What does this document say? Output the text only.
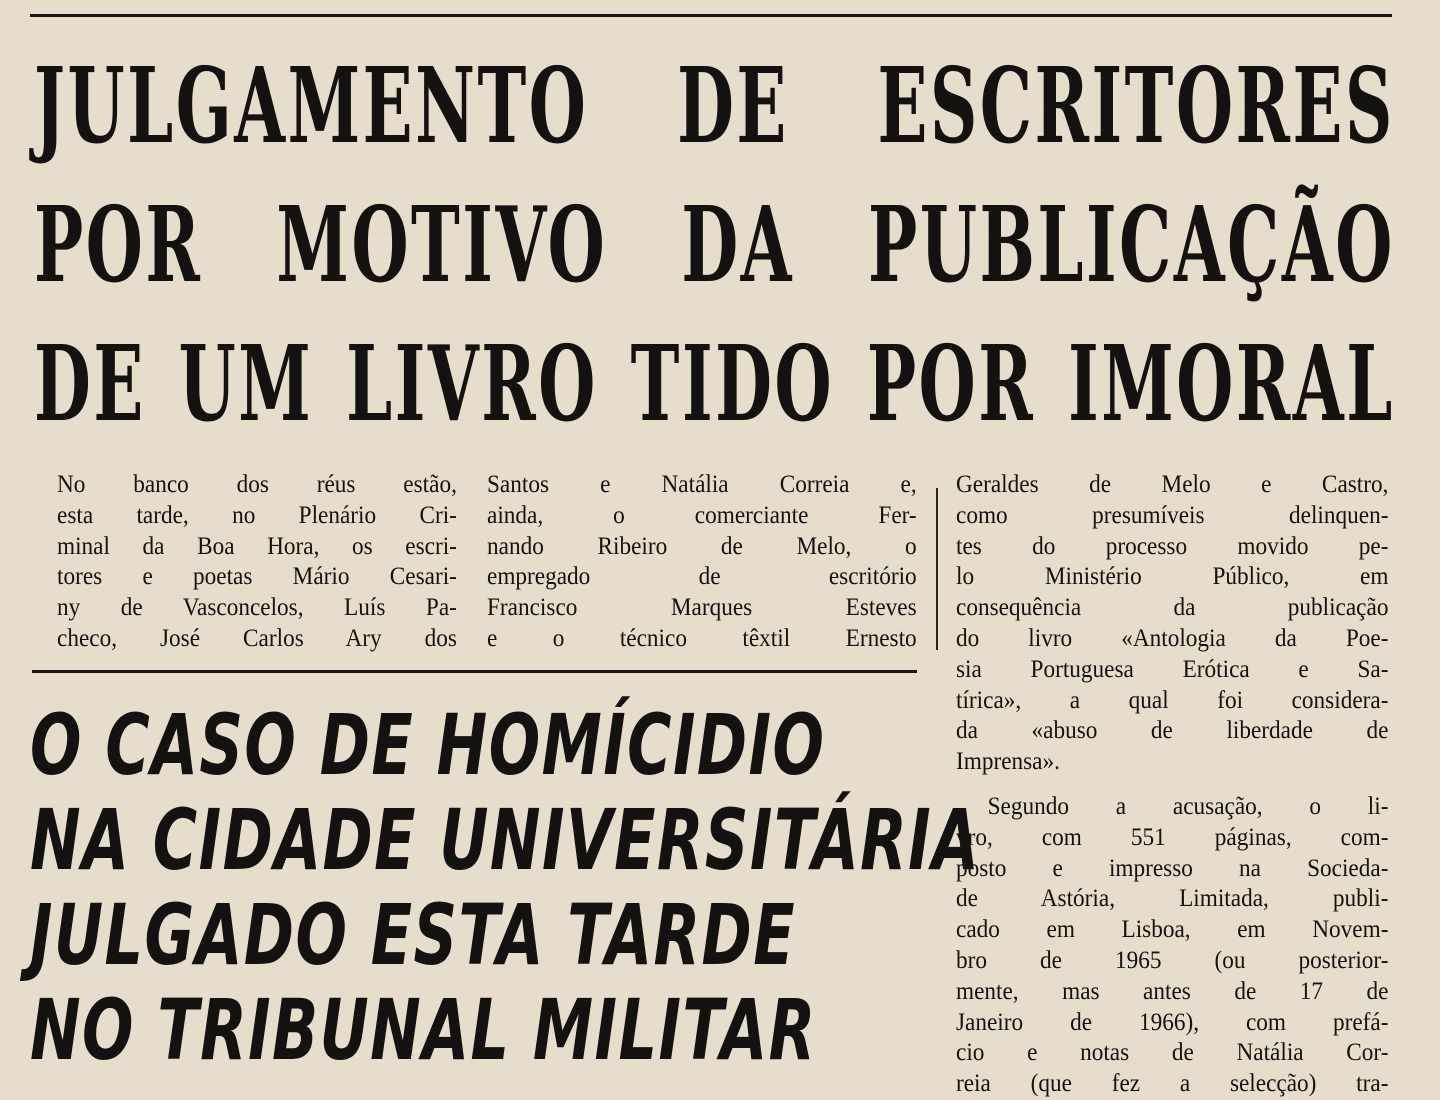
JULGAMENTO DE ESCRITORES
POR MOTIVO DA PUBLICAÇÃO
DE UM LIVRO TIDO POR IMORAL
No banco dos réus estão,
esta tarde, no Plenário Cri-
minal da Boa Hora, os escri-
tores e poetas Mário Cesari-
ny de Vasconcelos, Luís Pa-
checo, José Carlos Ary dos
Santos e Natália Correia e,
ainda, o comerciante Fer-
nando Ribeiro de Melo, o
empregado de escritório
Francisco Marques Esteves
e o técnico têxtil Ernesto
Geraldes de Melo e Castro,
como presumíveis delinquen-
tes do processo movido pe-
lo Ministério Público, em
consequência da publicação
do livro «Antologia da Poe-
sia Portuguesa Erótica e Sa-
tírica», a qual foi considera-
da «abuso de liberdade de
Imprensa».
Segundo a acusação, o li-
vro, com 551 páginas, com-
posto e impresso na Socieda-
de Astória, Limitada, publi-
cado em Lisboa, em Novem-
bro de 1965 (ou posterior-
mente, mas antes de 17 de
Janeiro de 1966), com prefá-
cio e notas de Natália Cor-
reia (que fez a selecção) tra-
O CASO DE HOMÍCIDIO
NA CIDADE UNIVERSITÁRIA
JULGADO ESTA TARDE
NO TRIBUNAL MILITAR
